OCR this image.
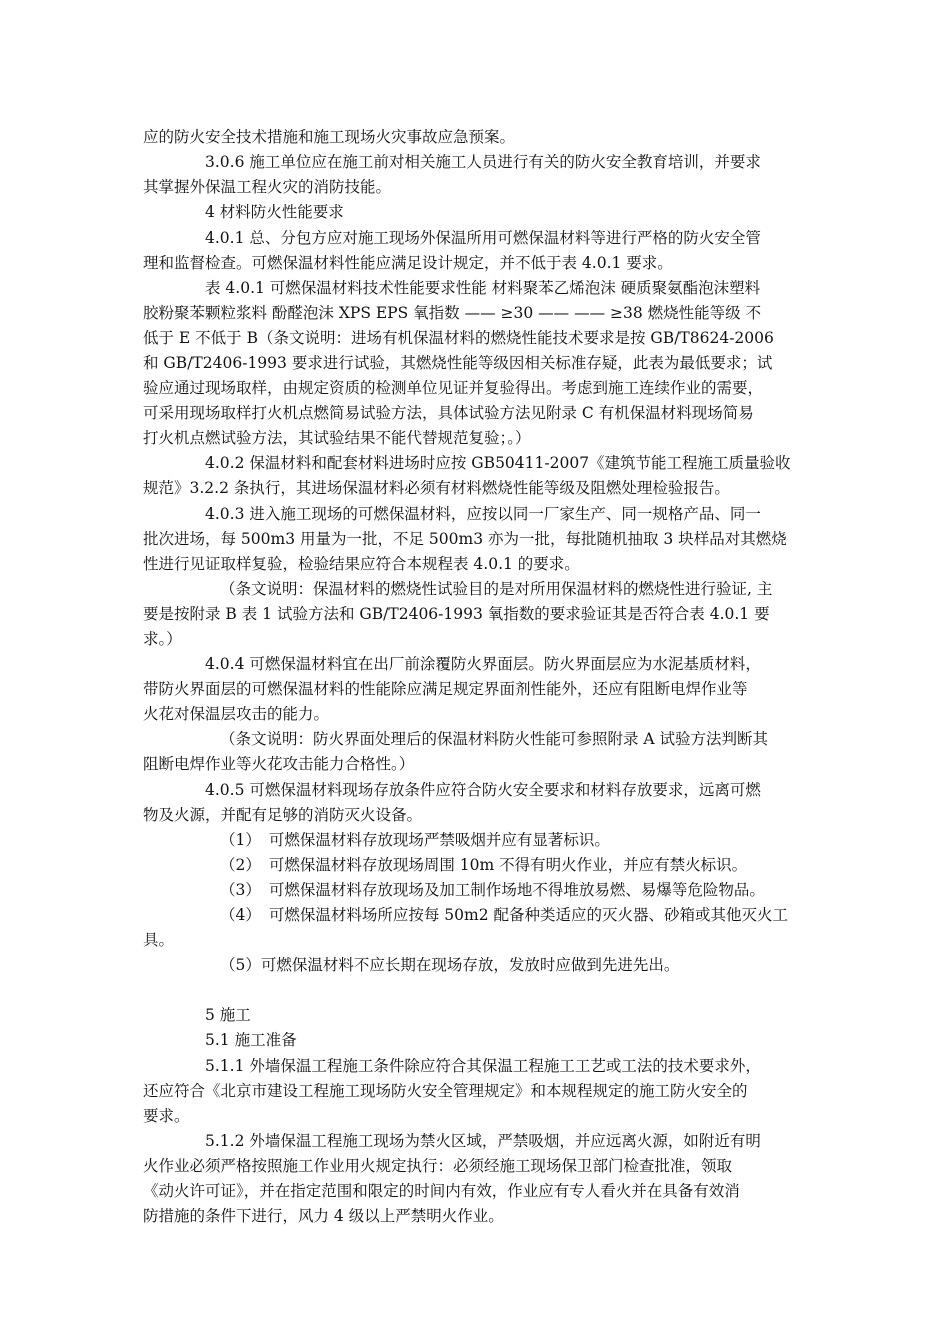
应的防火安全技术措施和施工现场火灾事故应急预案。
3.0.6 施工单位应在施工前对相关施工人员进行有关的防火安全教育培训，并要求
其掌握外保温工程火灾的消防技能。
4 材料防火性能要求
4.0.1 总、分包方应对施工现场外保温所用可燃保温材料等进行严格的防火安全管
理和监督检查。可燃保温材料性能应满足设计规定，并不低于表 4.0.1 要求。
表 4.0.1 可燃保温材料技术性能要求性能 材料聚苯乙烯泡沫 硬质聚氨酯泡沫塑料
胶粉聚苯颗粒浆料 酚醛泡沫 XPS EPS 氧指数 —— ≥30 —— —— ≥38 燃烧性能等级 不
低于 E 不低于 B（条文说明：进场有机保温材料的燃烧性能技术要求是按 GB/T8624-2006
和 GB/T2406-1993 要求进行试验，其燃烧性能等级因相关标准存疑，此表为最低要求；试
验应通过现场取样，由规定资质的检测单位见证并复验得出。考虑到施工连续作业的需要，
可采用现场取样打火机点燃简易试验方法，具体试验方法见附录 C 有机保温材料现场简易
打火机点燃试验方法，其试验结果不能代替规范复验；。）
4.0.2 保温材料和配套材料进场时应按 GB50411-2007《建筑节能工程施工质量验收
规范》3.2.2 条执行，其进场保温材料必须有材料燃烧性能等级及阻燃处理检验报告。
4.0.3 进入施工现场的可燃保温材料，应按以同一厂家生产、同一规格产品、同一
批次进场，每 500m3 用量为一批，不足 500m3 亦为一批，每批随机抽取 3 块样品对其燃烧
性进行见证取样复验，检验结果应符合本规程表 4.0.1 的要求。
（条文说明：保温材料的燃烧性试验目的是对所用保温材料的燃烧性进行验证, 主
要是按附录 B 表 1 试验方法和 GB/T2406-1993 氧指数的要求验证其是否符合表 4.0.1 要
求。）
4.0.4 可燃保温材料宜在出厂前涂覆防火界面层。防火界面层应为水泥基质材料，
带防火界面层的可燃保温材料的性能除应满足规定界面剂性能外，还应有阻断电焊作业等
火花对保温层攻击的能力。
（条文说明：防火界面处理后的保温材料防火性能可参照附录 A 试验方法判断其
阻断电焊作业等火花攻击能力合格性。）
4.0.5 可燃保温材料现场存放条件应符合防火安全要求和材料存放要求，远离可燃
物及火源，并配有足够的消防灭火设备。
（1） 可燃保温材料存放现场严禁吸烟并应有显著标识。
（2） 可燃保温材料存放现场周围 10m 不得有明火作业，并应有禁火标识。
（3） 可燃保温材料存放现场及加工制作场地不得堆放易燃、易爆等危险物品。
（4） 可燃保温材料场所应按每 50m2 配备种类适应的灭火器、砂箱或其他灭火工
具。
（5）可燃保温材料不应长期在现场存放，发放时应做到先进先出。
5 施工
5.1 施工准备
5.1.1 外墙保温工程施工条件除应符合其保温工程施工工艺或工法的技术要求外，
还应符合《北京市建设工程施工现场防火安全管理规定》和本规程规定的施工防火安全的
要求。
5.1.2 外墙保温工程施工现场为禁火区域，严禁吸烟，并应远离火源，如附近有明
火作业必须严格按照施工作业用火规定执行：必须经施工现场保卫部门检查批准，领取
《动火许可证》，并在指定范围和限定的时间内有效，作业应有专人看火并在具备有效消
防措施的条件下进行，风力 4 级以上严禁明火作业。
